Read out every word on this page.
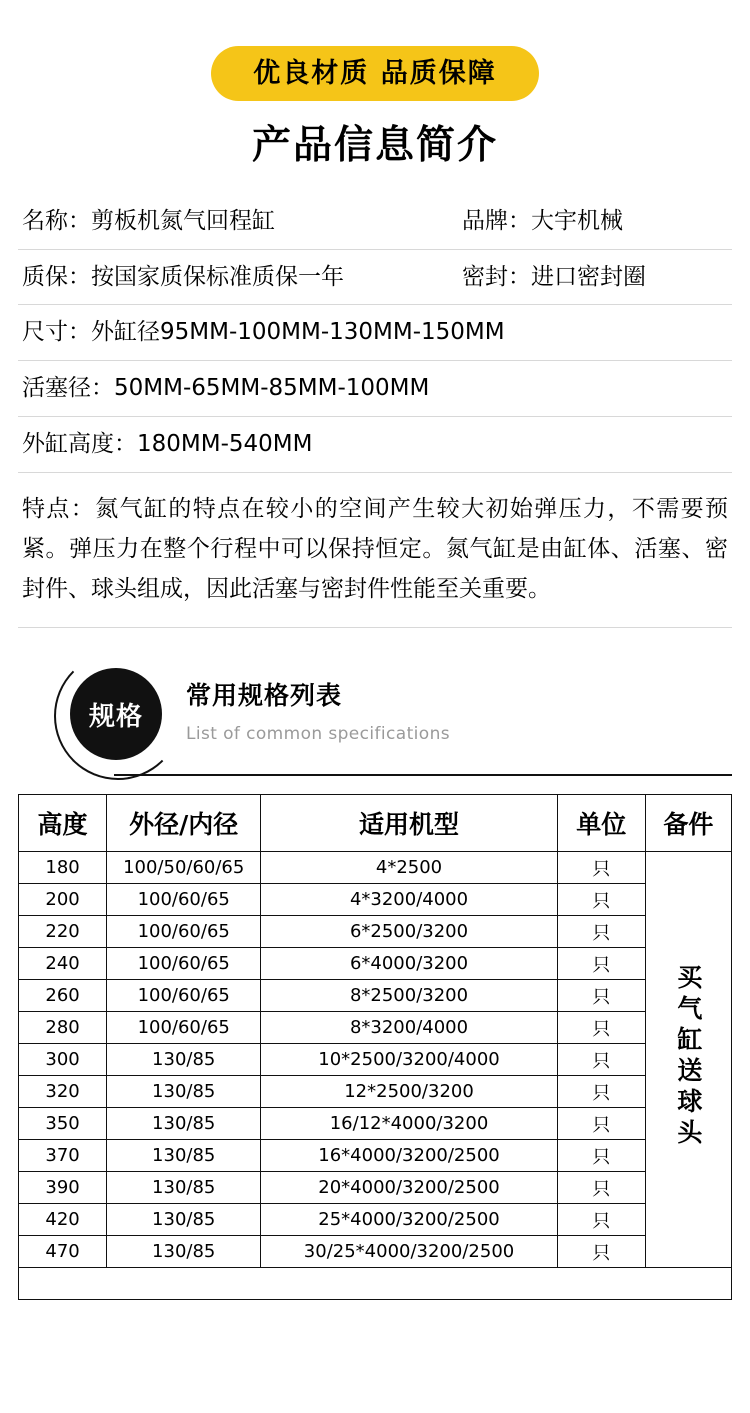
优良材质 品质保障
产品信息简介
名称： 剪板机氮气回程缸	品牌： 大宇机械
质保： 按国家质保标准质保一年	密封： 进口密封圈
尺寸： 外缸径95MM-100MM-130MM-150MM
活塞径： 50MM-65MM-85MM-100MM
外缸高度： 180MM-540MM
特点：氮气缸的特点在较小的空间产生较大初始弹压力，不需要预紧。弹压力在整个行程中可以保持恒定。氮气缸是由缸体、活塞、密封件、球头组成，因此活塞与密封件性能至关重要。
规格
常用规格列表
List of common specifications
高度	外径/内径	适用机型	单位	备件
180	100/50/60/65	4*2500	只	买气缸送球头
200	100/60/65	4*3200/4000	只	
220	100/60/65	6*2500/3200	只	
240	100/60/65	6*4000/3200	只	
260	100/60/65	8*2500/3200	只	
280	100/60/65	8*3200/4000	只	
300	130/85	10*2500/3200/4000	只	
320	130/85	12*2500/3200	只	
350	130/85	16/12*4000/3200	只	
370	130/85	16*4000/3200/2500	只	
390	130/85	20*4000/3200/2500	只	
420	130/85	25*4000/3200/2500	只	
470	130/85	30/25*4000/3200/2500	只	
